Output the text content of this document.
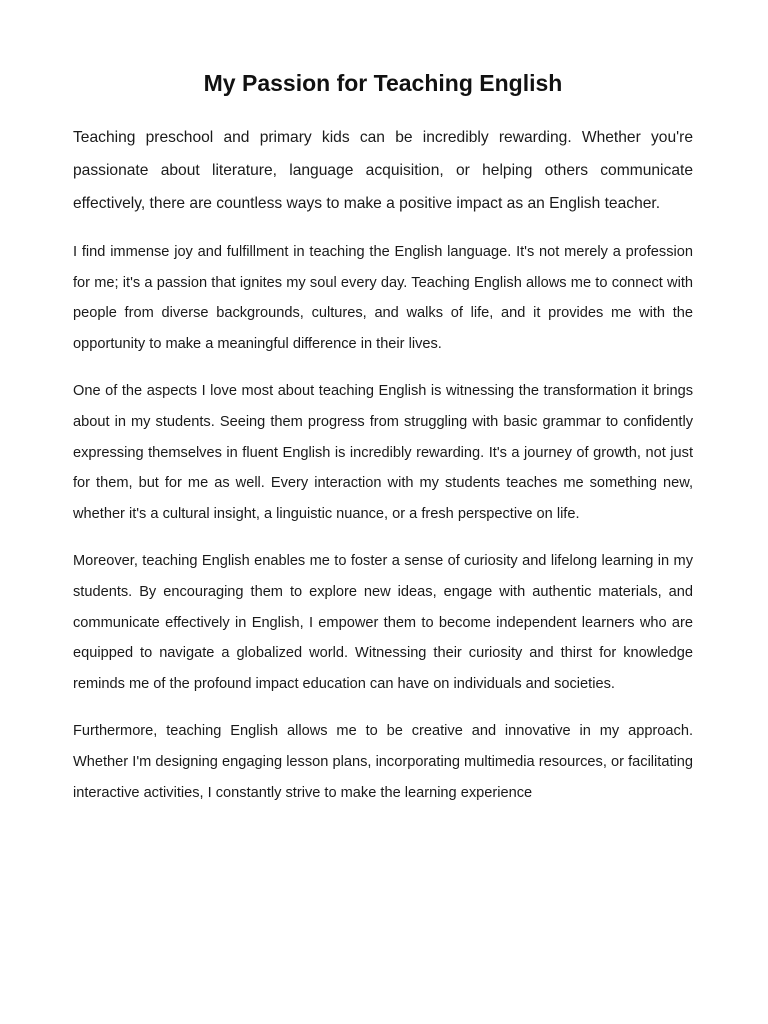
My Passion for Teaching English

Teaching preschool and primary kids can be incredibly rewarding. Whether you're passionate about literature, language acquisition, or helping others communicate effectively, there are countless ways to make a positive impact as an English teacher.

I find immense joy and fulfillment in teaching the English language. It's not merely a profession for me; it's a passion that ignites my soul every day. Teaching English allows me to connect with people from diverse backgrounds, cultures, and walks of life, and it provides me with the opportunity to make a meaningful difference in their lives.

One of the aspects I love most about teaching English is witnessing the transformation it brings about in my students. Seeing them progress from struggling with basic grammar to confidently expressing themselves in fluent English is incredibly rewarding. It's a journey of growth, not just for them, but for me as well. Every interaction with my students teaches me something new, whether it's a cultural insight, a linguistic nuance, or a fresh perspective on life.

Moreover, teaching English enables me to foster a sense of curiosity and lifelong learning in my students. By encouraging them to explore new ideas, engage with authentic materials, and communicate effectively in English, I empower them to become independent learners who are equipped to navigate a globalized world. Witnessing their curiosity and thirst for knowledge reminds me of the profound impact education can have on individuals and societies.

Furthermore, teaching English allows me to be creative and innovative in my approach. Whether I'm designing engaging lesson plans, incorporating multimedia resources, or facilitating interactive activities, I constantly strive to make the learning experience
